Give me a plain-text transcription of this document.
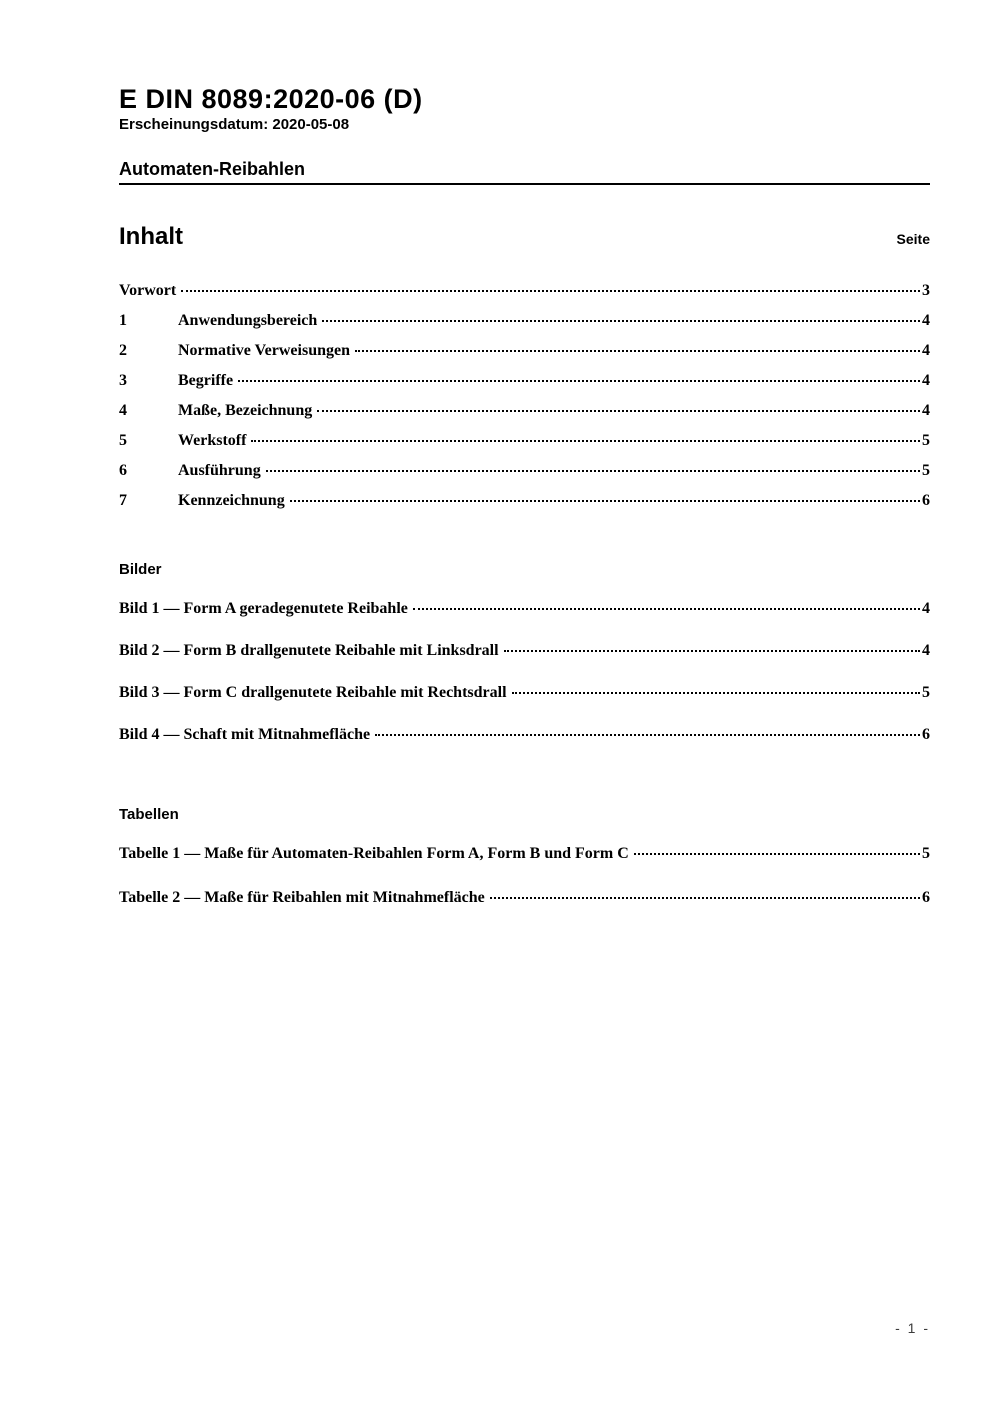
E DIN 8089:2020-06 (D)
Erscheinungsdatum: 2020-05-08
Automaten-Reibahlen
Inhalt	Seite
Vorwort	3
1	Anwendungsbereich	4
2	Normative Verweisungen	4
3	Begriffe	4
4	Maße, Bezeichnung	4
5	Werkstoff	5
6	Ausführung	5
7	Kennzeichnung	6
Bilder
Bild 1 — Form A geradegenutete Reibahle	4
Bild 2 — Form B drallgenutete Reibahle mit Linksdrall	4
Bild 3 — Form C drallgenutete Reibahle mit Rechtsdrall	5
Bild 4 — Schaft mit Mitnahmefläche	6
Tabellen
Tabelle 1 — Maße für Automaten-Reibahlen Form A, Form B und Form C	5
Tabelle 2 — Maße für Reibahlen mit Mitnahmefläche	6
- 1 -
